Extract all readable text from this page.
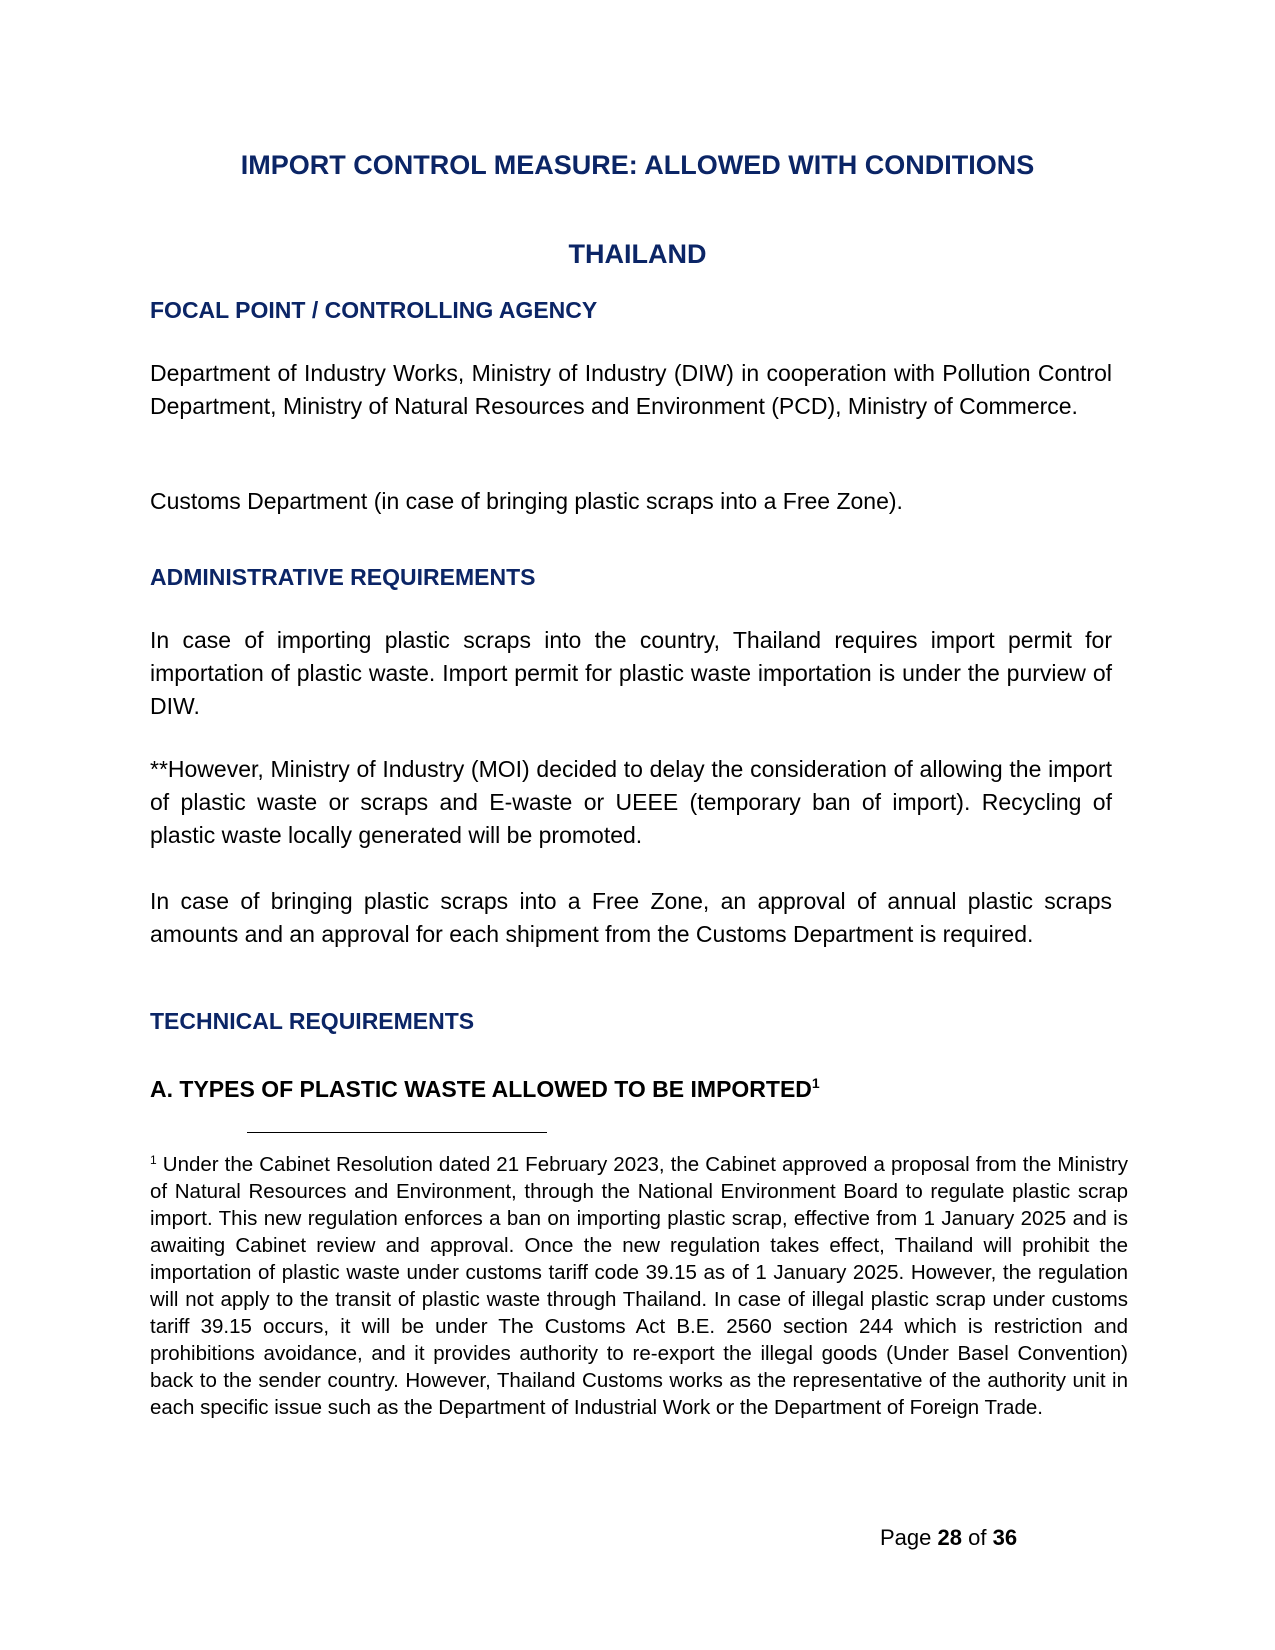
IMPORT CONTROL MEASURE: ALLOWED WITH CONDITIONS
THAILAND
FOCAL POINT / CONTROLLING AGENCY

Department of Industry Works, Ministry of Industry (DIW) in cooperation with Pollution Control Department, Ministry of Natural Resources and Environment (PCD), Ministry of Commerce.

Customs Department (in case of bringing plastic scraps into a Free Zone).

ADMINISTRATIVE REQUIREMENTS

In case of importing plastic scraps into the country, Thailand requires import permit for importation of plastic waste. Import permit for plastic waste importation is under the purview of DIW.

**However, Ministry of Industry (MOI) decided to delay the consideration of allowing the import of plastic waste or scraps and E-waste or UEEE (temporary ban of import). Recycling of plastic waste locally generated will be promoted.

In case of bringing plastic scraps into a Free Zone, an approval of annual plastic scraps amounts and an approval for each shipment from the Customs Department is required.

TECHNICAL REQUIREMENTS
A. TYPES OF PLASTIC WASTE ALLOWED TO BE IMPORTED$^1$

$^1$ Under the Cabinet Resolution dated 21 February 2023, the Cabinet approved a proposal from the Ministry of Natural Resources and Environment, through the National Environment Board to regulate plastic scrap import. This new regulation enforces a ban on importing plastic scrap, effective from 1 January 2025 and is awaiting Cabinet review and approval. Once the new regulation takes effect, Thailand will prohibit the importation of plastic waste under customs tariff code 39.15 as of 1 January 2025. However, the regulation will not apply to the transit of plastic waste through Thailand. In case of illegal plastic scrap under customs tariff 39.15 occurs, it will be under The Customs Act B.E. 2560 section 244 which is restriction and prohibitions avoidance, and it provides authority to re-export the illegal goods (Under Basel Convention) back to the sender country. However, Thailand Customs works as the representative of the authority unit in each specific issue such as the Department of Industrial Work or the Department of Foreign Trade.

Page 28 of 36
